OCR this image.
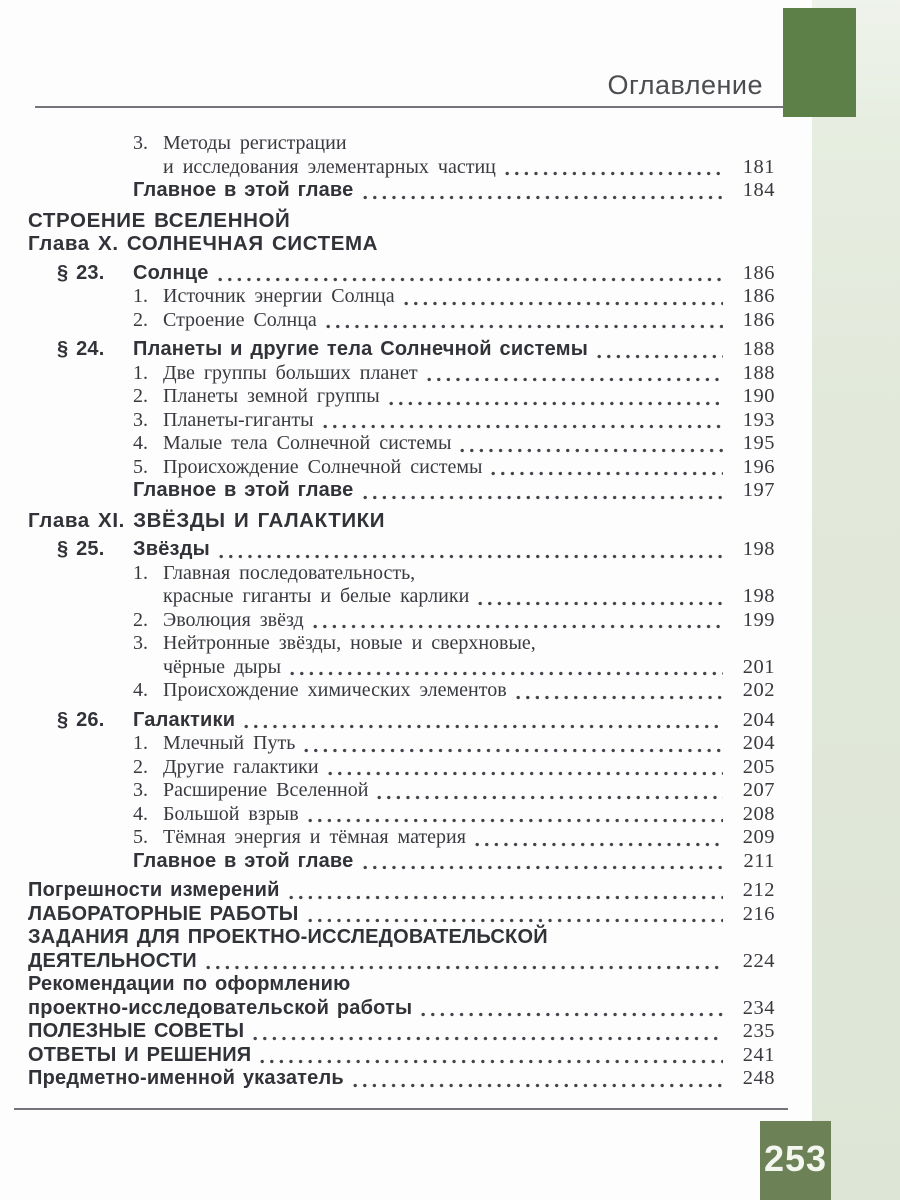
Оглавление
3. Методы регистрации
и исследования элементарных частиц	181
Главное в этой главе	184
СТРОЕНИЕ ВСЕЛЕННОЙ
Глава X. СОЛНЕЧНАЯ СИСТЕМА
§ 23.	Солнце	186
1. Источник энергии Солнца	186
2. Строение Солнца	186
§ 24.	Планеты и другие тела Солнечной системы	188
1. Две группы больших планет	188
2. Планеты земной группы	190
3. Планеты-гиганты	193
4. Малые тела Солнечной системы	195
5. Происхождение Солнечной системы	196
Главное в этой главе	197
Глава XI. ЗВЁЗДЫ И ГАЛАКТИКИ
§ 25.	Звёзды	198
1. Главная последовательность,
красные гиганты и белые карлики	198
2. Эволюция звёзд	199
3. Нейтронные звёзды, новые и сверхновые,
чёрные дыры	201
4. Происхождение химических элементов	202
§ 26.	Галактики	204
1. Млечный Путь	204
2. Другие галактики	205
3. Расширение Вселенной	207
4. Большой взрыв	208
5. Тёмная энергия и тёмная материя	209
Главное в этой главе	211
Погрешности измерений	212
ЛАБОРАТОРНЫЕ РАБОТЫ	216
ЗАДАНИЯ ДЛЯ ПРОЕКТНО-ИССЛЕДОВАТЕЛЬСКОЙ
ДЕЯТЕЛЬНОСТИ	224
Рекомендации по оформлению
проектно-исследовательской работы	234
ПОЛЕЗНЫЕ СОВЕТЫ	235
ОТВЕТЫ И РЕШЕНИЯ	241
Предметно-именной указатель	248
253
